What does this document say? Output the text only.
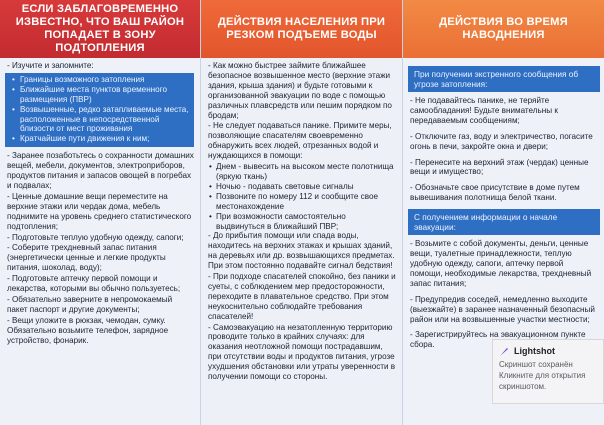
ЕСЛИ ЗАБЛАГОВРЕМЕННО ИЗВЕСТНО, ЧТО ВАШ РАЙОН ПОПАДАЕТ В ЗОНУ ПОДТОПЛЕНИЯ
- Изучите и запомните:
• Границы возможного затопления
• Ближайшие места пунктов временного размещения (ПВР)
• Возвышенные, редко затапливаемые места, расположенные в непосредственной близости от мест проживания
• Кратчайшие пути движения к ним;
- Заранее позаботьтесь о сохранности домашних вещей, мебели, документов, электроприборов, продуктов питания и запасов овощей в погребах и подвалах;
- Ценные домашние вещи переместите на верхние этажи или чердак дома, мебель поднимите на уровень среднего статистического подтопления;
- Подготовьте теплую удобную одежду, сапоги;
- Соберите трехдневный запас питания (энергетически ценные и легкие продукты питания, шоколад, воду);
- Подготовьте аптечку первой помощи и лекарства, которыми вы обычно пользуетесь;
- Обязательно заверните в непромокаемый пакет паспорт и другие документы;
- Вещи уложите в рюкзак, чемодан, сумку. Обязательно возьмите телефон, зарядное устройство, фонарик.
ДЕЙСТВИЯ НАСЕЛЕНИЯ ПРИ РЕЗКОМ ПОДЪЕМЕ ВОДЫ
- Как можно быстрее займите ближайшее безопасное возвышенное место (верхние этажи здания, крыша здания) и будьте готовыми к организованной эвакуации по воде с помощью различных плавсредств или пешим порядком по бродам;
- Не следует подаваться панике. Примите меры, позволяющие спасателям своевременно обнаружить всех людей, отрезанных водой и нуждающихся в помощи:
• Днем - вывесить на высоком месте полотнища (яркую ткань)
• Ночью - подавать световые сигналы
• Позвоните по номеру 112 и сообщите свое местонахождение
• При возможности самостоятельно выдвинуться в ближайший ПВР;
- До прибытия помощи или спада воды, находитесь на верхних этажах и крышах зданий, на деревьях или др. возвышающихся предметах. При этом постоянно подавайте сигнал бедствия!
- При подходе спасателей спокойно, без паники и суеты, с соблюдением мер предосторожности, переходите в плавательное средство. При этом неукоснительно соблюдайте требования спасателей!
- Самоэвакуацию на незатопленную территорию проводите только в крайних случаях: для оказания неотложной помощи пострадавшим, при отсутствии воды и продуктов питания, угрозе ухудшения обстановки или утраты уверенности в получении помощи со стороны.
ДЕЙСТВИЯ ВО ВРЕМЯ НАВОДНЕНИЯ
При получении экстренного сообщения об угрозе затопления:
- Не подавайтесь панике, не теряйте самообладания! Будьте внимательны к передаваемым сообщениям;
- Отключите газ, воду и электричество, погасите огонь в печи, закройте окна и двери;
- Перенесите на верхний этаж (чердак) ценные вещи и имущество;
- Обозначьте свое присутствие в доме путем вывешивания полотнища белой ткани.
С получением информации о начале эвакуации:
- Возьмите с собой документы, деньги, ценные вещи, туалетные принадлежности, теплую удобную одежду, сапоги, аптечку первой помощи, необходимые лекарства, трехдневный запас питания;
- Предупредив соседей, немедленно выходите (выезжайте) в заранее назначенный безопасный район или на возвышенные участки местности;
- Зарегистрируйтесь на эвакуационном пункте сбора.
Lightshot
Скриншот сохранён
Кликните для открытия
скриншотом.
